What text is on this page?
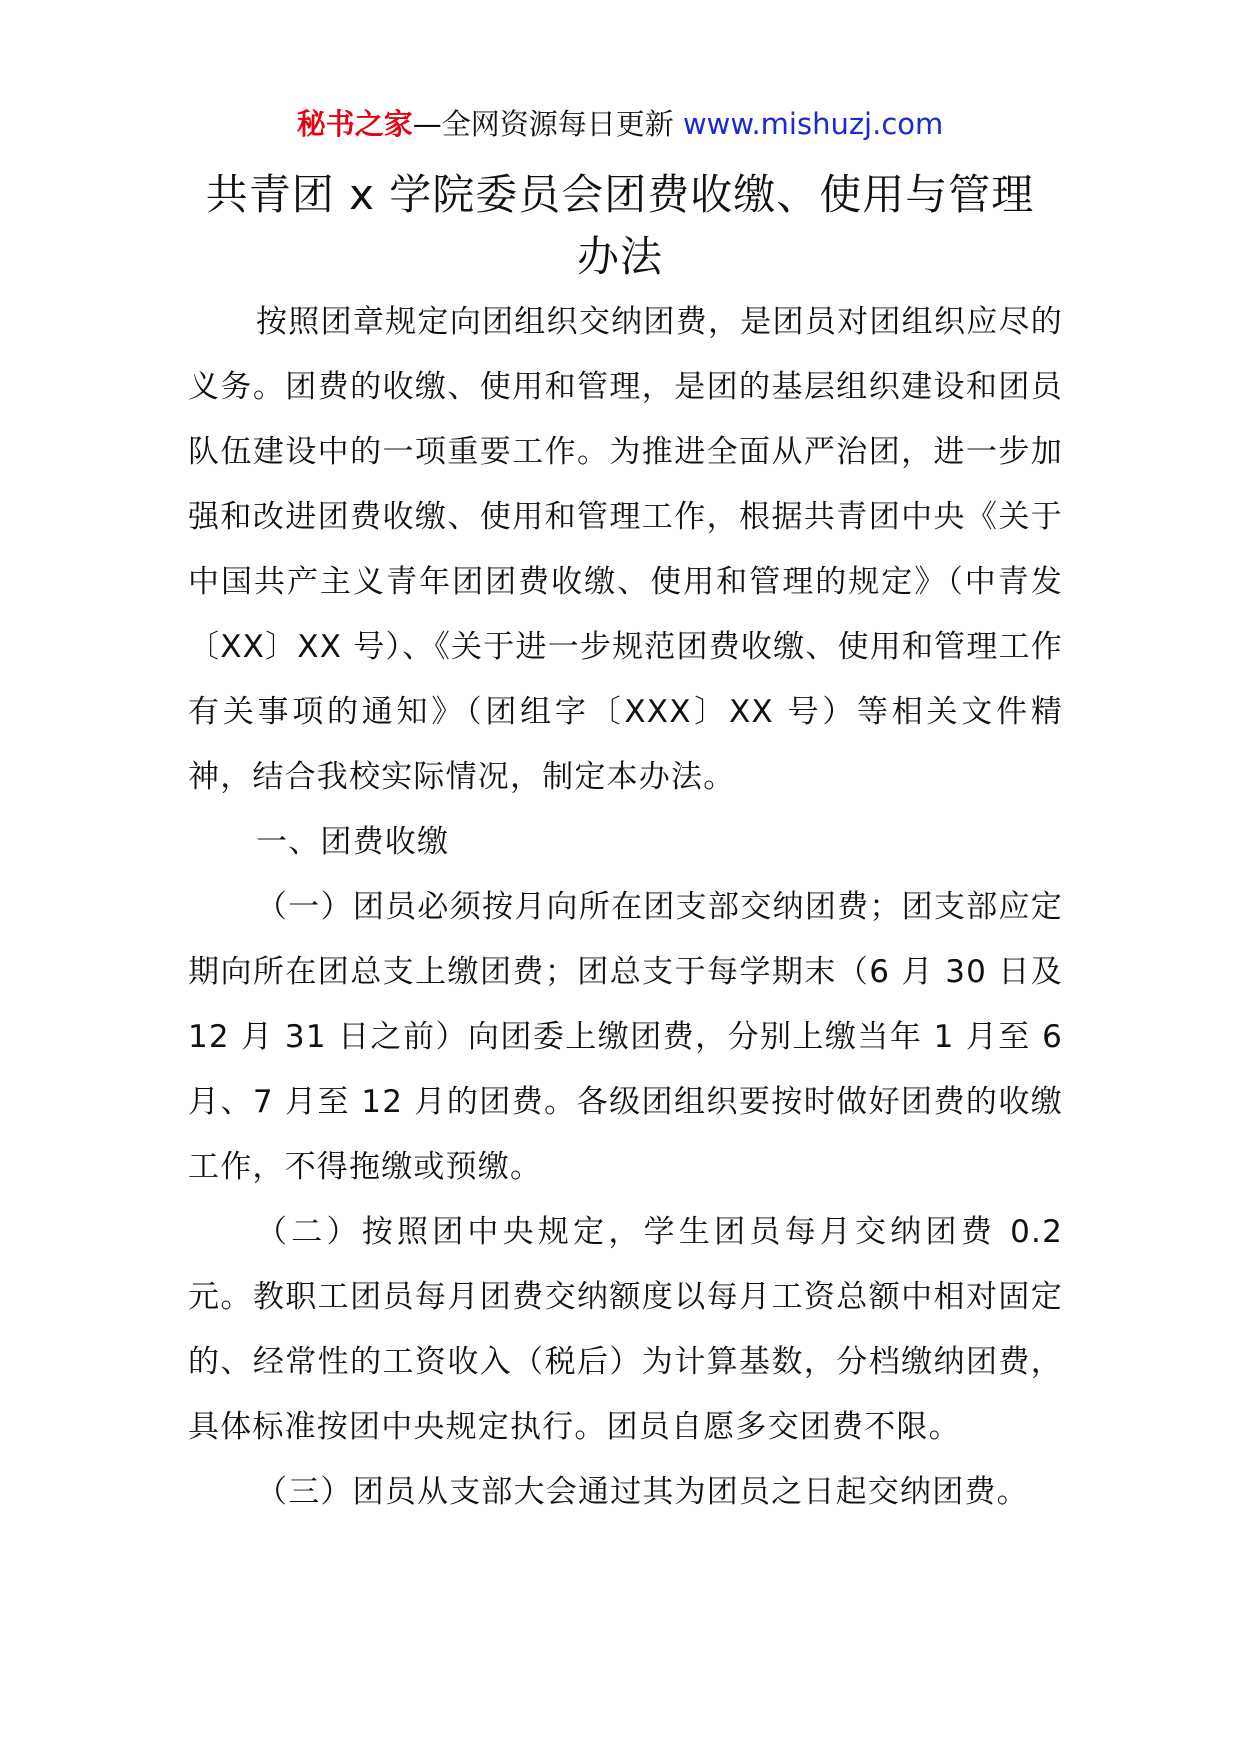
秘书之家—全网资源每日更新 www.mishuzj.com
共青团 x 学院委员会团费收缴、使用与管理办法

按照团章规定向团组织交纳团费，是团员对团组织应尽的义务。团费的收缴、使用和管理，是团的基层组织建设和团员队伍建设中的一项重要工作。为推进全面从严治团，进一步加强和改进团费收缴、使用和管理工作，根据共青团中央《关于中国共产主义青年团团费收缴、使用和管理的规定》（中青发〔XX〕XX 号）、《关于进一步规范团费收缴、使用和管理工作有关事项的通知》（团组字〔XXX〕XX 号）等相关文件精神，结合我校实际情况，制定本办法。

一、团费收缴

（一）团员必须按月向所在团支部交纳团费；团支部应定期向所在团总支上缴团费；团总支于每学期末（6 月 30 日及 12 月 31 日之前）向团委上缴团费，分别上缴当年 1 月至 6 月、7 月至 12 月的团费。各级团组织要按时做好团费的收缴工作，不得拖缴或预缴。

（二）按照团中央规定，学生团员每月交纳团费 0.2 元。教职工团员每月团费交纳额度以每月工资总额中相对固定的、经常性的工资收入（税后）为计算基数，分档缴纳团费，具体标准按团中央规定执行。团员自愿多交团费不限。

（三）团员从支部大会通过其为团员之日起交纳团费。
